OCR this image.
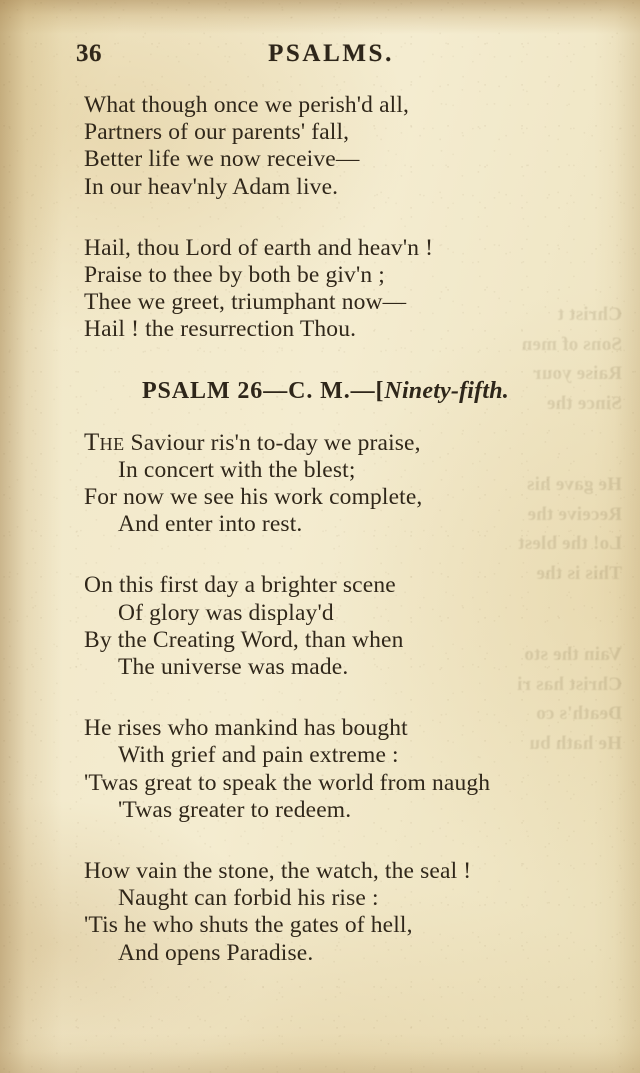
Christ t
Sons of men
Raise your
Since the
He gave his
Receive the
Lo! the blest
This is the
Vain the sto
Christ has ri
Death's co
He hath bu
36	PSALMS.
What though once we perish'd all,
Partners of our parents' fall,
Better life we now receive—
In our heav'nly Adam live.
Hail, thou Lord of earth and heav'n !
Praise to thee by both be giv'n ;
Thee we greet, triumphant now—
Hail ! the resurrection Thou.
PSALM 26—C. M.—[Ninety-fifth.
The Saviour ris'n to-day we praise,
In concert with the blest;
For now we see his work complete,
And enter into rest.
On this first day a brighter scene
Of glory was display'd
By the Creating Word, than when
The universe was made.
He rises who mankind has bought
With grief and pain extreme :
'Twas great to speak the world from naugh
'Twas greater to redeem.
How vain the stone, the watch, the seal !
Naught can forbid his rise :
'Tis he who shuts the gates of hell,
And opens Paradise.
